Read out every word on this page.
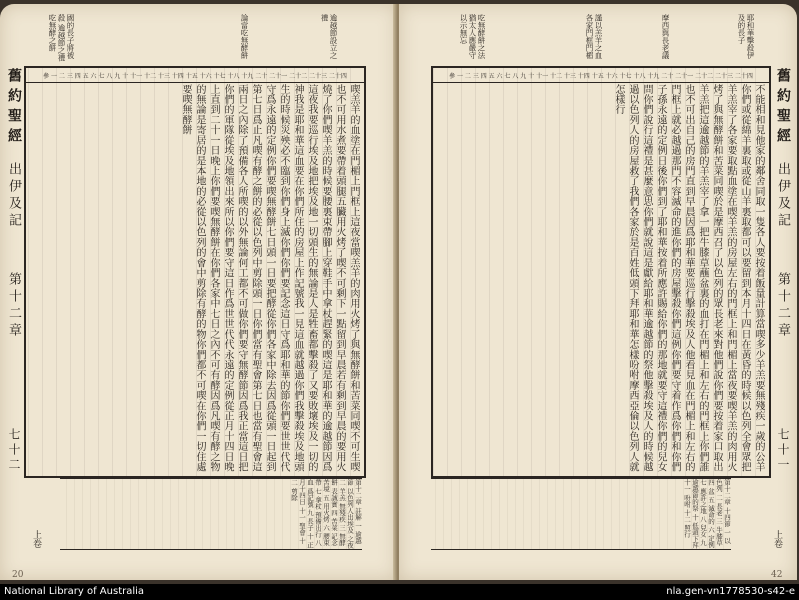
國的長子將被殺 逾越節之禮 吃無酵之餅	論當吃無酵餅	逾越節設立之禮
參 一 二 三 四 五 六 七 八 九 十 十一 十二 十三 十四 十五 十六 十七 十八 十九 二十 二十一 二十二 二十三 二十四
喫羔羊的血塗在門楣上門框上這夜當喫羔羊的肉用火烤了與無酵餅和苦菜同喫不可生喫也不可用水煮要帶着頭腿五臟用火烤了喫不可剩下一點留到早晨若有剩到早晨的要用火燒了你們喫羊羔的時候要腰裏束帶腳上穿鞋手中拿杖趕緊的喫這是耶和華的逾越節因爲這夜我要巡行埃及地把埃及地一切頭生的無論是人是牲畜都擊殺了又要敗壞埃及一切的神我是耶和華這血要在你們所住的房屋上作記號我一見這血就越過你們我擊殺埃及地頭生的時候災殃必不臨到你們身上滅你們你們要記念這日守爲耶和華的節你們要世世代代守爲永遠的定例你們要喫無酵餅七日頭一日要把酵從你們各家中除去因爲從頭一日起到第七日爲止凡喫有酵之餅的必從以色列中剪除頭一日你們當有聖會第七日也當有聖會這兩日之內除了預備各人所喫的以外無論何工都不可做你們要守無酵節因爲我正當這日把你們的軍隊從埃及地領出來所以你們要守這日作爲世世代代永遠的定例從正月十四日晚上直到二十一日晚上你們要喫無酵餅在你們各家中七日之內不可有酵因爲凡喫有酵之物的無論是寄居的是本地的必從以色列的會中剪除有酵的物你們都不可喫在你們一切住處要喫無酵餅
舊約聖經
出伊及記
第十二章
七十二
第十二章 註解 一 逾越節 以色列人出埃及 之夜 二 羊羔 無殘疾 三 無酵餅 表誠實 四 苦菜 記念苦境 五 用火烤 六 腰束帶 七 拿杖 預備出行 八 血 爲記號 九 長子 十 正月十四日 十一 聖會 十二 剪除
上卷
20
吃無酵餅之法 猶太人應嚴守 以示無忘	謹以羔羊之血 各家門框門楣	摩西與長老議	耶和華擊殺伊及的長子
參 一 二 三 四 五 六 七 八 九 十 十一 十二 十三 十四 十五 十六 十七 十八 十九 二十 二十一 二十二 二十三 二十四
不能相和見他家的鄰舍同取一隻各人要按着飯量計算當喫多少羊羔要無殘疾一歲的公羊你們或從綿羊裏取或從山羊裏取都可以要留到本月十四日在黃昏的時候以色列全會眾把羊羔宰了各家要取點血塗在喫羊羔的房屋左右的門框上和門楣上當夜要喫羊羔的肉用火烤了與無酵餅和苦菜同喫於是摩西召了以色列的眾長老來對他們說你們要按着家口取出羊羔把這逾越節的羊羔宰了拿一把牛膝草蘸盆裏的血打在門楣上和左右的門框上你們誰也不可出自己的房門直到早晨因爲耶和華要巡行擊殺埃及人他看見血在門楣上和左右的門框上就必越過那門不容滅命的進你們的房屋擊殺你們這例你們要守着作爲你們和你們子孫永遠的定例日後你們到了耶和華按着所應許賜給你們的那地就要守這禮你們的兒女問你們說行這禮是甚麼意思你們就說這是獻給耶和華逾越節的祭他擊殺埃及人的時候越過以色列人的房屋救了我們各家於是百姓低頭下拜耶和華怎樣吩咐摩西亞倫以色列人就怎樣行	舊約聖經
出伊及記
第十二章
七十一
第十二章 十四節 一 以色列 二 長老 三 牛膝草 四 盆 五 滅命的 六 定例 七 應許之地 八 兒女 九 逾越節的祭 十 低頭下拜 十一 吩咐 十二 照行
上卷
42
National Library of Australia	nla.gen-vn1778530-s42-e
